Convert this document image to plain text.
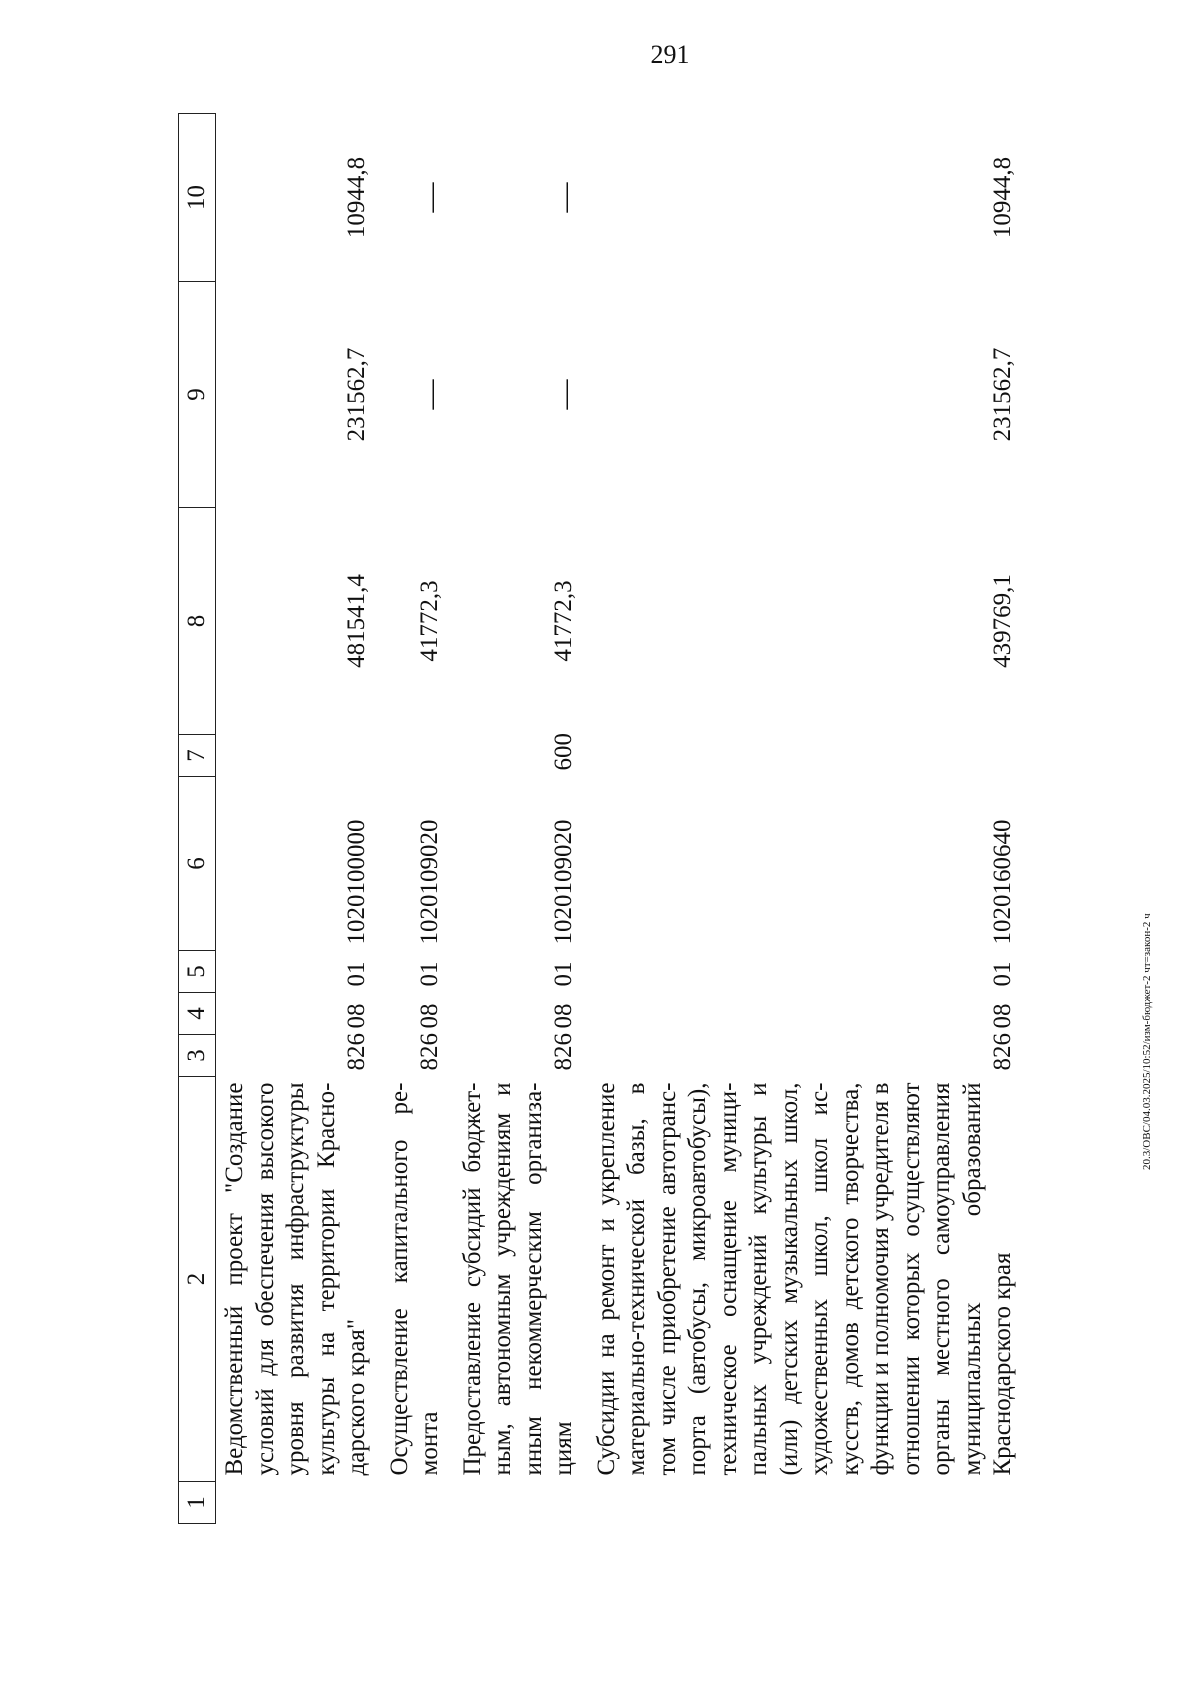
291
1	2	3	4	5	6	7	8	9	10
	Ведомственный проект "Создание условий для обеспечения высокого уровня развития инфраструктуры культуры на территории Краснодарского края"	826	08	01	1020100000		481541,4	231562,7	10944,8
	Осуществление капитального ремонта	826	08	01	1020109020		41772,3	—	—
	Предоставление субсидий бюджетным, автономным учреждениям и иным некоммерческим организациям	826	08	01	1020109020	600	41772,3	—	—
	Субсидии на ремонт и укрепление материально-технической базы, в том числе приобретение автотранспорта (автобусы, микроавтобусы), техническое оснащение муниципальных учреждений культуры и (или) детских музыкальных школ, художественных школ, школ искусств, домов детского творчества, функции и полномочия учредителя в отношении которых осуществляют органы местного самоуправления муниципальных образований Краснодарского края	826	08	01	1020160640		439769,1	231562,7	10944,8
20.3/ОВС/04.03.2025/10:52/изм-бюджет-2 чт=закон-2 ч
